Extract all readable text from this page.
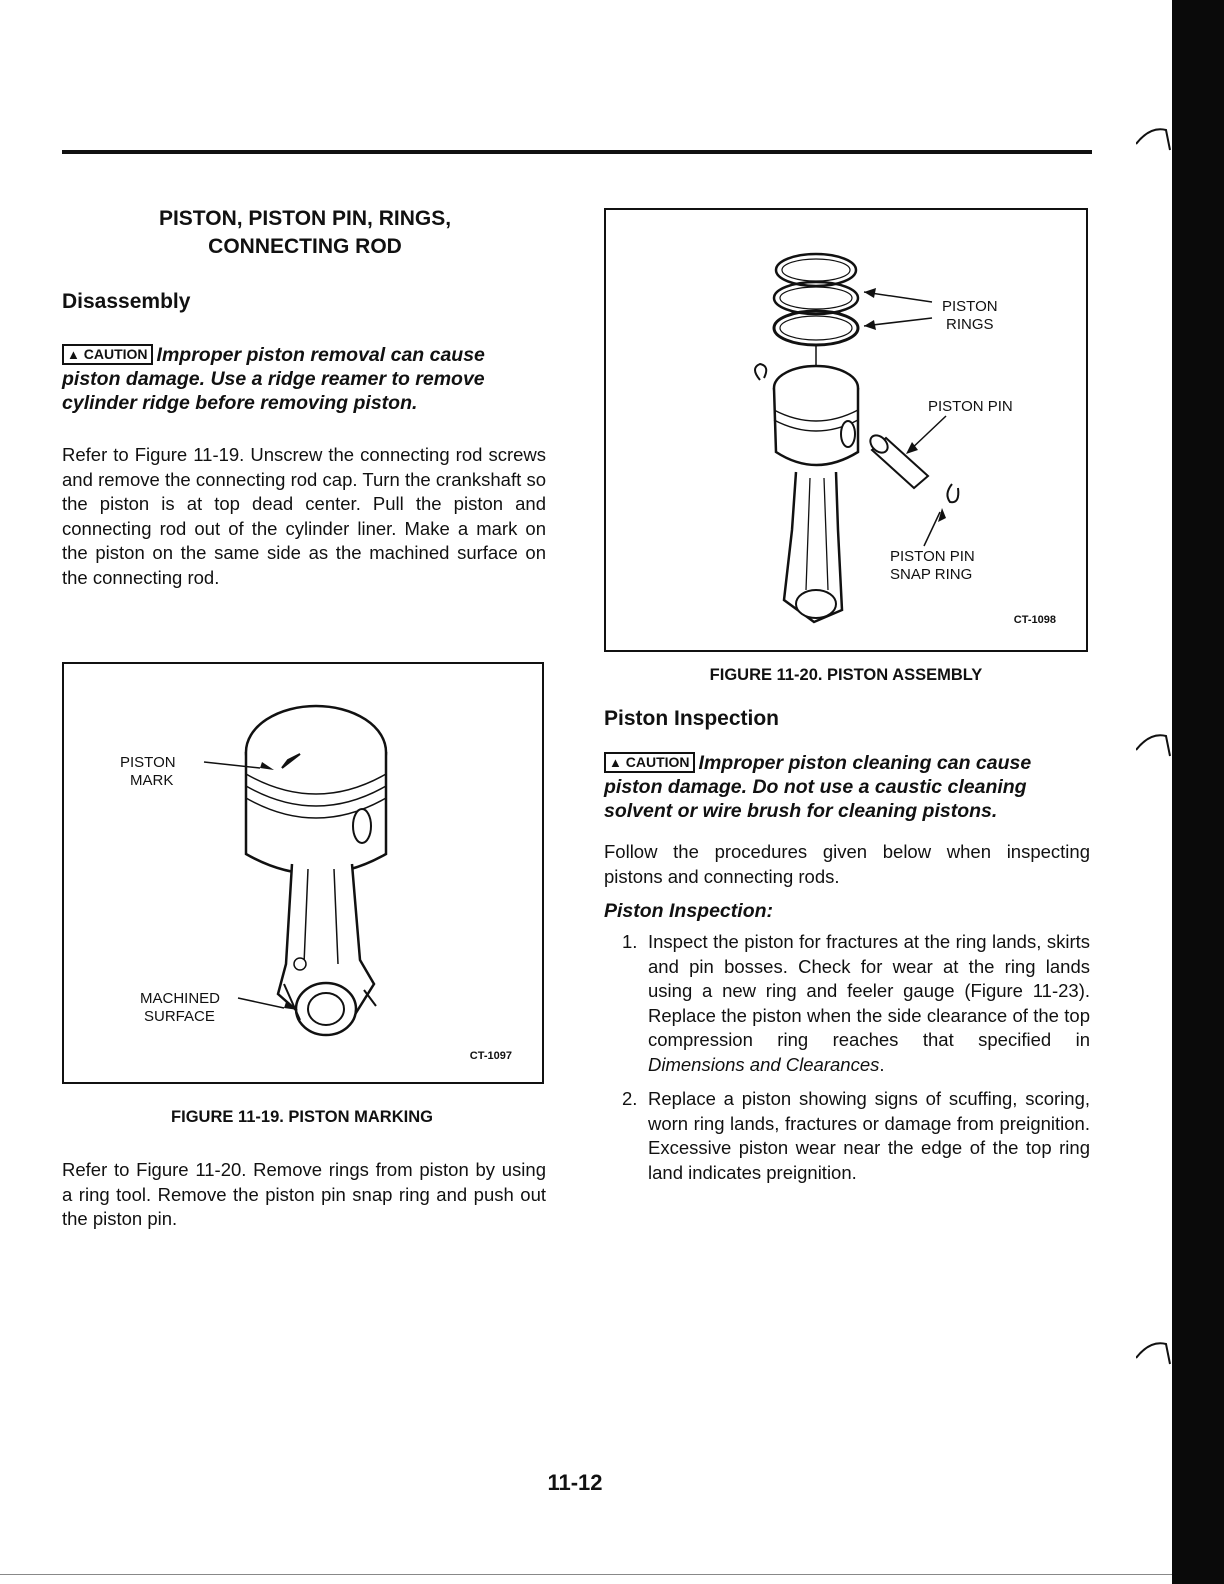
PISTON, PISTON PIN, RINGS,
CONNECTING ROD
Disassembly
▲ CAUTION Improper piston removal can cause piston damage. Use a ridge reamer to remove cylinder ridge before removing piston.
Refer to Figure 11-19. Unscrew the connecting rod screws and remove the connecting rod cap. Turn the crankshaft so the piston is at top dead center. Pull the piston and connecting rod out of the cylinder liner. Make a mark on the piston on the same side as the machined surface on the connecting rod.
PISTON
MARK
MACHINED
SURFACE
CT-1097
FIGURE 11-19. PISTON MARKING
Refer to Figure 11-20. Remove rings from piston by using a ring tool. Remove the piston pin snap ring and push out the piston pin.
PISTON
RINGS
PISTON PIN
PISTON PIN
SNAP RING
CT-1098
FIGURE 11-20. PISTON ASSEMBLY
Piston Inspection
▲ CAUTION Improper piston cleaning can cause piston damage. Do not use a caustic cleaning solvent or wire brush for cleaning pistons.
Follow the procedures given below when inspecting pistons and connecting rods.
Piston Inspection:
1. Inspect the piston for fractures at the ring lands, skirts and pin bosses. Check for wear at the ring lands using a new ring and feeler gauge (Figure 11-23). Replace the piston when the side clearance of the top compression ring reaches that specified in Dimensions and Clearances.
2. Replace a piston showing signs of scuffing, scoring, worn ring lands, fractures or damage from preignition. Excessive piston wear near the edge of the top ring land indicates preignition.
11-12
